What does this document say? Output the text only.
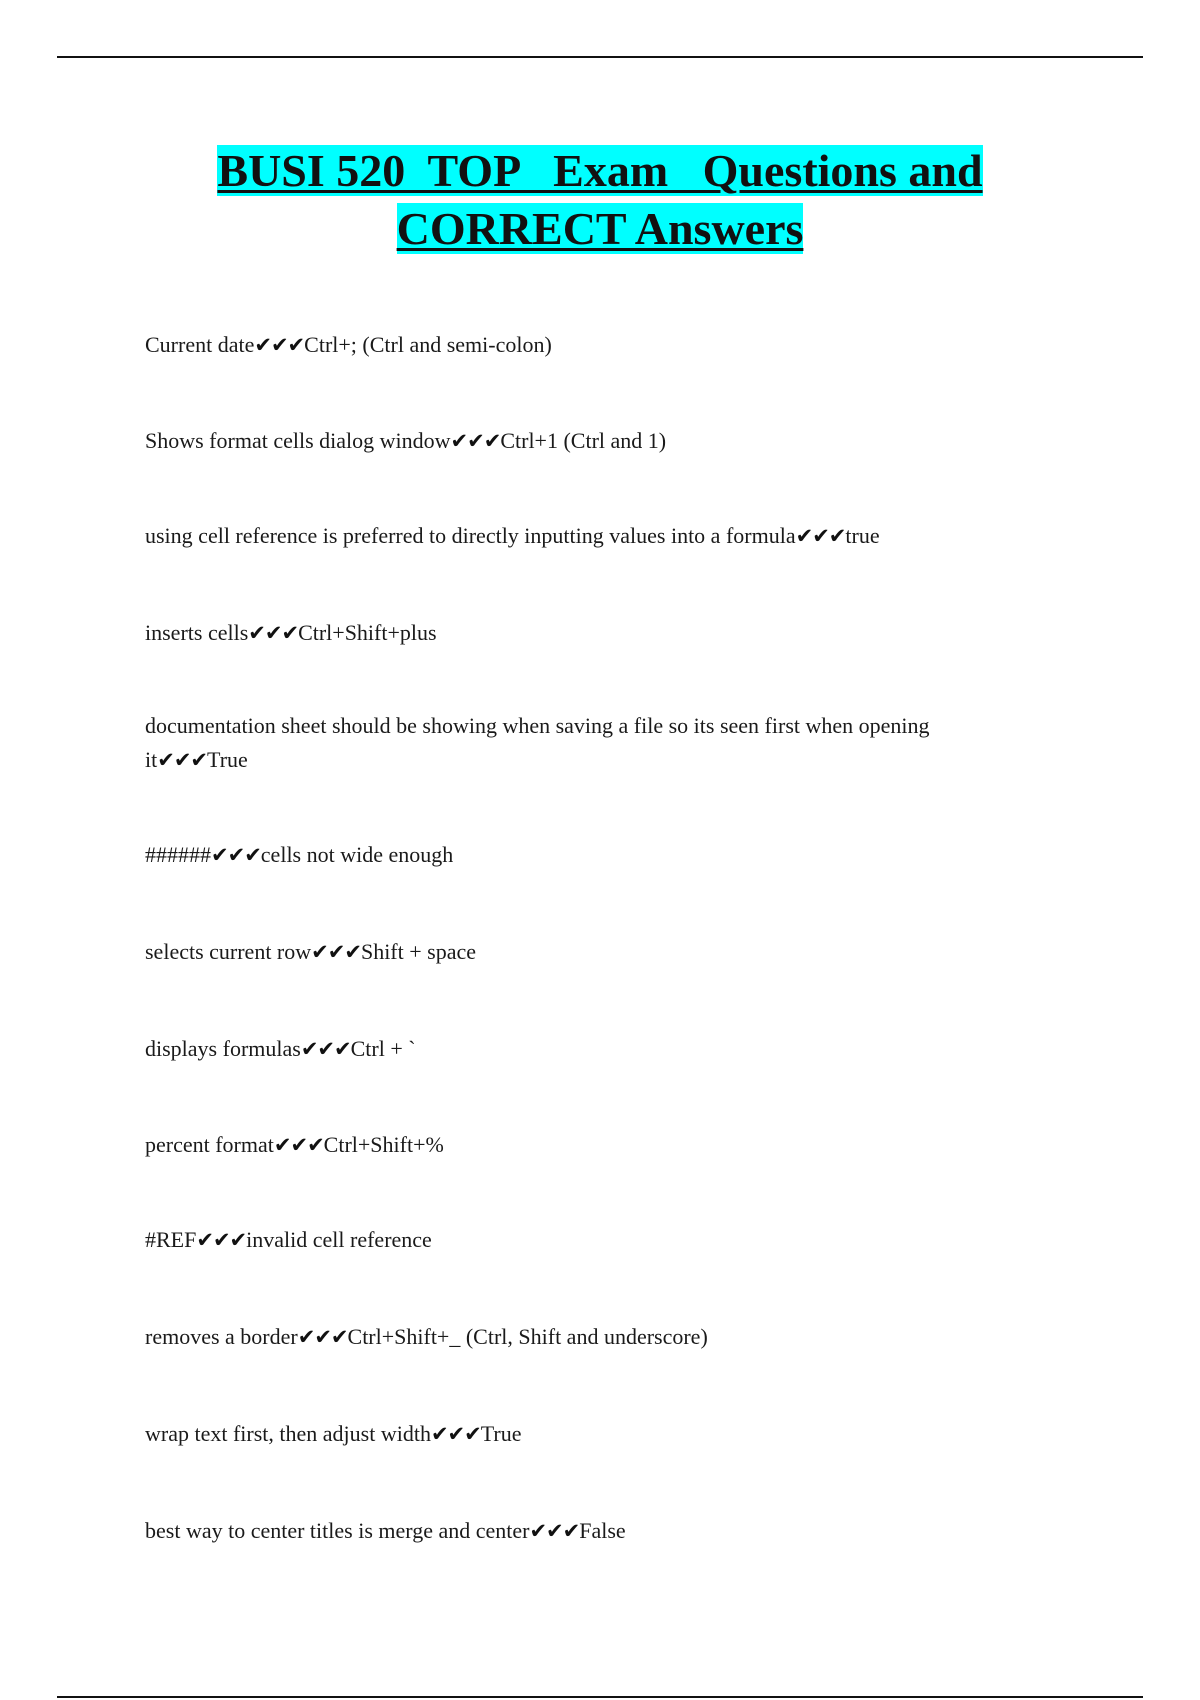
BUSI 520  TOP   Exam   Questions and
CORRECT Answers
Current date✔✔✔Ctrl+; (Ctrl and semi-colon)
Shows format cells dialog window✔✔✔Ctrl+1 (Ctrl and 1)
using cell reference is preferred to directly inputting values into a formula✔✔✔true
inserts cells✔✔✔Ctrl+Shift+plus
documentation sheet should be showing when saving a file so its seen first when opening it✔✔✔True
######✔✔✔cells not wide enough
selects current row✔✔✔Shift + space
displays formulas✔✔✔Ctrl + `
percent format✔✔✔Ctrl+Shift+%
#REF✔✔✔invalid cell reference
removes a border✔✔✔Ctrl+Shift+_ (Ctrl, Shift and underscore)
wrap text first, then adjust width✔✔✔True
best way to center titles is merge and center✔✔✔False
